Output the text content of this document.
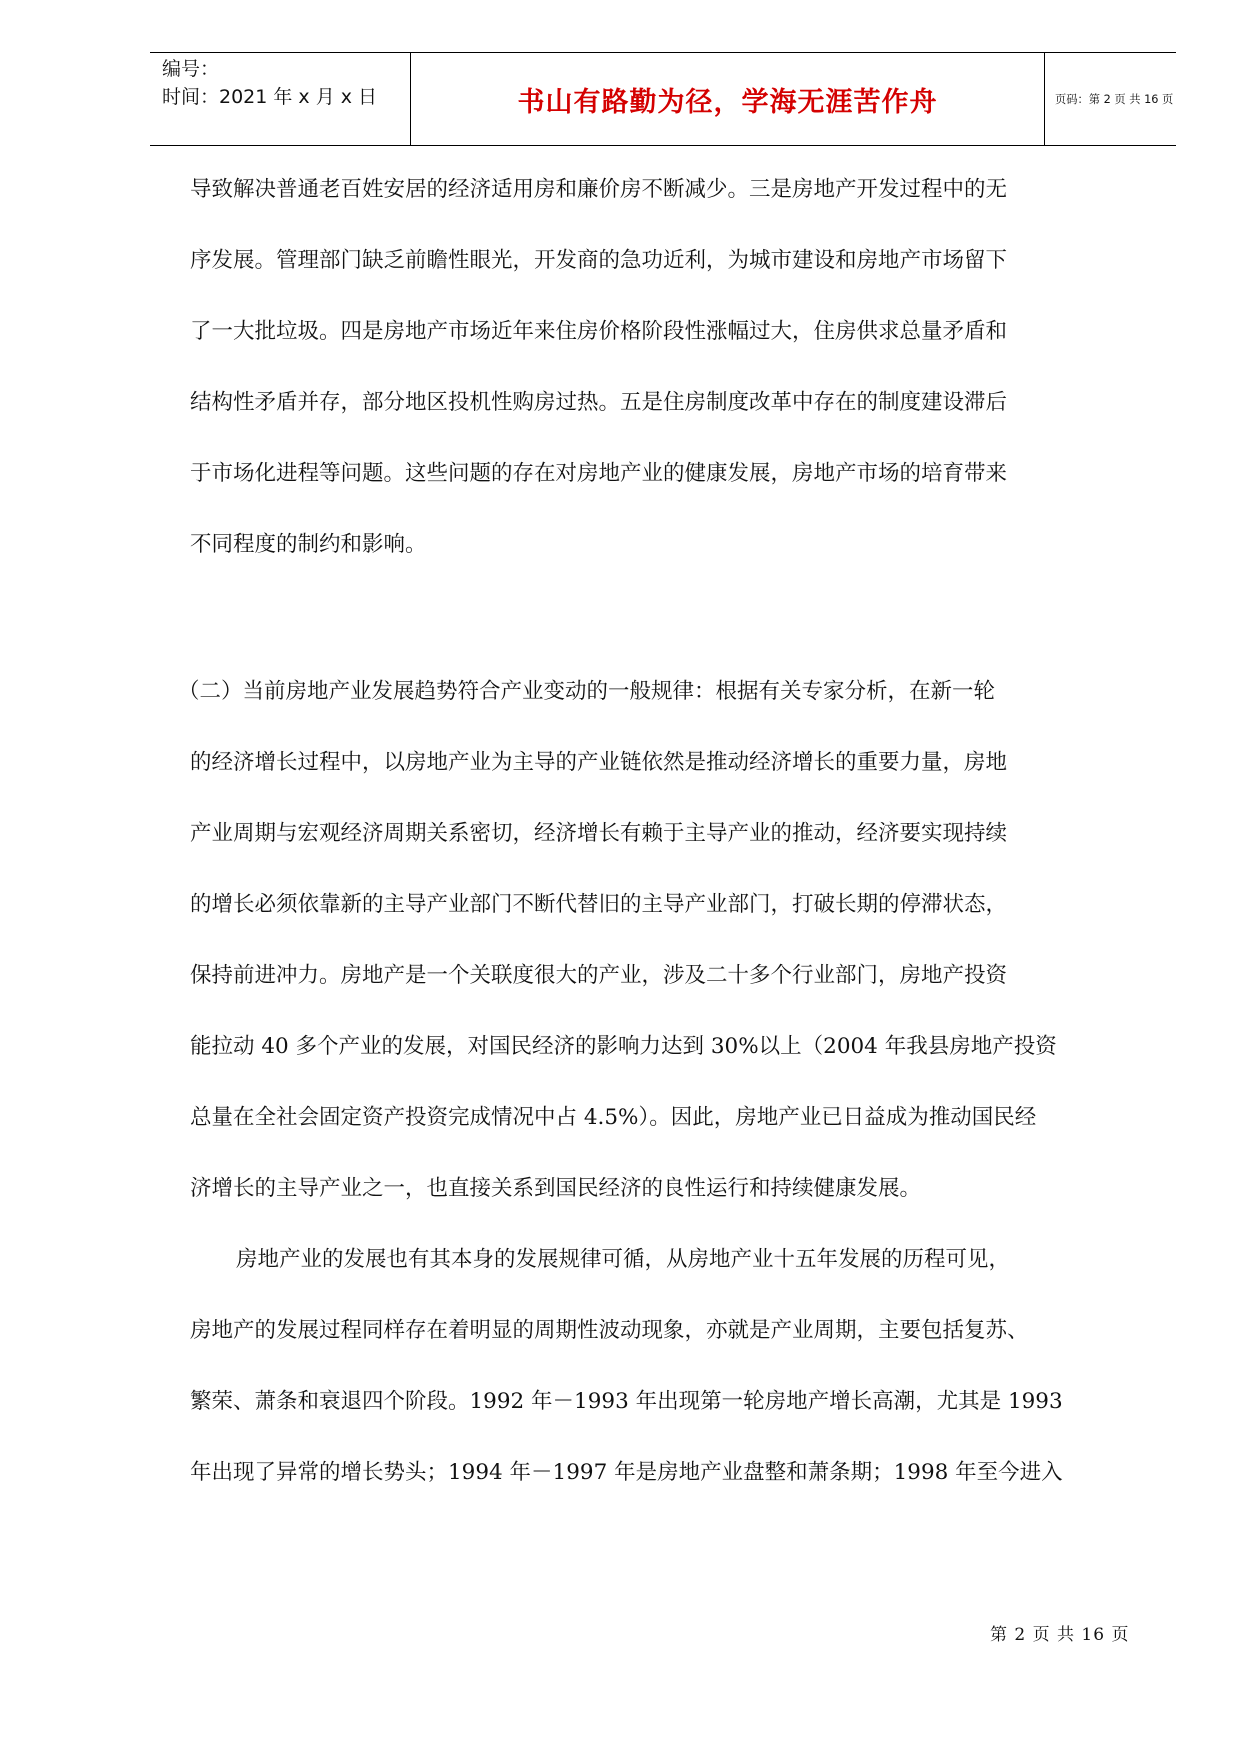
编号：
时间：2021 年 x 月 x 日	书山有路勤为径，学海无涯苦作舟	页码：第 2 页 共 16 页
导致解决普通老百姓安居的经济适用房和廉价房不断减少。三是房地产开发过程中的无
序发展。管理部门缺乏前瞻性眼光，开发商的急功近利，为城市建设和房地产市场留下
了一大批垃圾。四是房地产市场近年来住房价格阶段性涨幅过大，住房供求总量矛盾和
结构性矛盾并存，部分地区投机性购房过热。五是住房制度改革中存在的制度建设滞后
于市场化进程等问题。这些问题的存在对房地产业的健康发展，房地产市场的培育带来
不同程度的制约和影响。
（二）当前房地产业发展趋势符合产业变动的一般规律：根据有关专家分析，在新一轮
的经济增长过程中，以房地产业为主导的产业链依然是推动经济增长的重要力量，房地
产业周期与宏观经济周期关系密切，经济增长有赖于主导产业的推动，经济要实现持续
的增长必须依靠新的主导产业部门不断代替旧的主导产业部门，打破长期的停滞状态，
保持前进冲力。房地产是一个关联度很大的产业，涉及二十多个行业部门，房地产投资
能拉动 40 多个产业的发展，对国民经济的影响力达到 30%以上（2004 年我县房地产投资
总量在全社会固定资产投资完成情况中占 4.5%）。因此，房地产业已日益成为推动国民经
济增长的主导产业之一，也直接关系到国民经济的良性运行和持续健康发展。
房地产业的发展也有其本身的发展规律可循，从房地产业十五年发展的历程可见，
房地产的发展过程同样存在着明显的周期性波动现象，亦就是产业周期，主要包括复苏、
繁荣、萧条和衰退四个阶段。1992 年－1993 年出现第一轮房地产增长高潮，尤其是 1993
年出现了异常的增长势头；1994 年－1997 年是房地产业盘整和萧条期；1998 年至今进入
第 2 页 共 16 页
